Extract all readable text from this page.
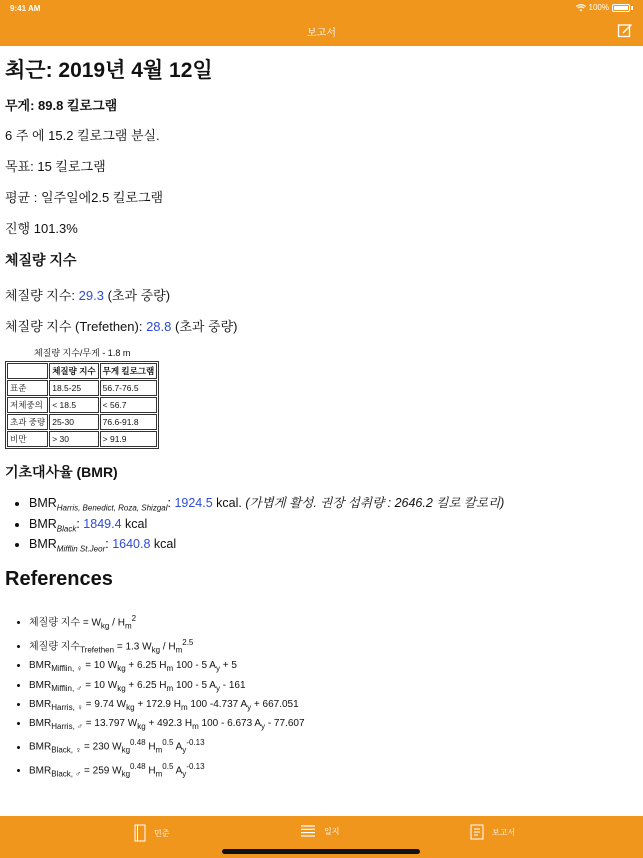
9:41 AM	100%
보고서
최근: 2019년 4월 12일
무게: 89.8 킬로그램
6 주 에 15.2 킬로그램 분실.
목표: 15 킬로그램
평균 : 일주일에2.5 킬로그램
진행 101.3%
체질량 지수
체질량 지수: 29.3 (초과 중량)
체질량 지수 (Trefethen): 28.8 (초과 중량)
체질량 지수/무게 - 1.8 m
	체질량 지수	무게 킬로그램
표준	18.5-25	56.7-76.5
저체중의	< 18.5	< 56.7
초과 중량	25-30	76.6-91.8
비만	> 30	> 91.9
기초대사율 (BMR)
• $BMR_{Harris, Benedict, Roza, Shizgal}$: 1924.5 kcal. (가볍게 활성. 권장 섭취량 : 2646.2 킬로 칼로리)
• $BMR_{Black}$: 1849.4 kcal
• $BMR_{Mifflin St.Jeor}$: 1640.8 kcal
References
• 체질량 지수 = $W_{kg} / H_m^2$
• 체질량 지수$_{Trefethen}$ = 1.3 $W_{kg} / H_m^{2.5}$
• $BMR_{Mifflin, ♀} = 10$ $W_{kg} + 6.25$ $H_m$ 100 - 5 $A_y + 5$
• $BMR_{Mifflin, ♂} = 10$ $W_{kg} + 6.25$ $H_m$ 100 - 5 $A_y - 161$
• $BMR_{Harris, ♀} = 9.74$ $W_{kg} + 172.9$ $H_m$ 100 -4.737 $A_y + 667.051$
• $BMR_{Harris, ♂} = 13.797$ $W_{kg} + 492.3$ $H_m$ 100 - 6.673 $A_y - 77.607$
• $BMR_{Black, ♀} = 230$ $W_{kg}^{0.48}$ $H_m^{0.5}$ $A_y^{-0.13}$
• $BMR_{Black, ♂} = 259$ $W_{kg}^{0.48}$ $H_m^{0.5}$ $A_y^{-0.13}$
민준	일지	보고서
